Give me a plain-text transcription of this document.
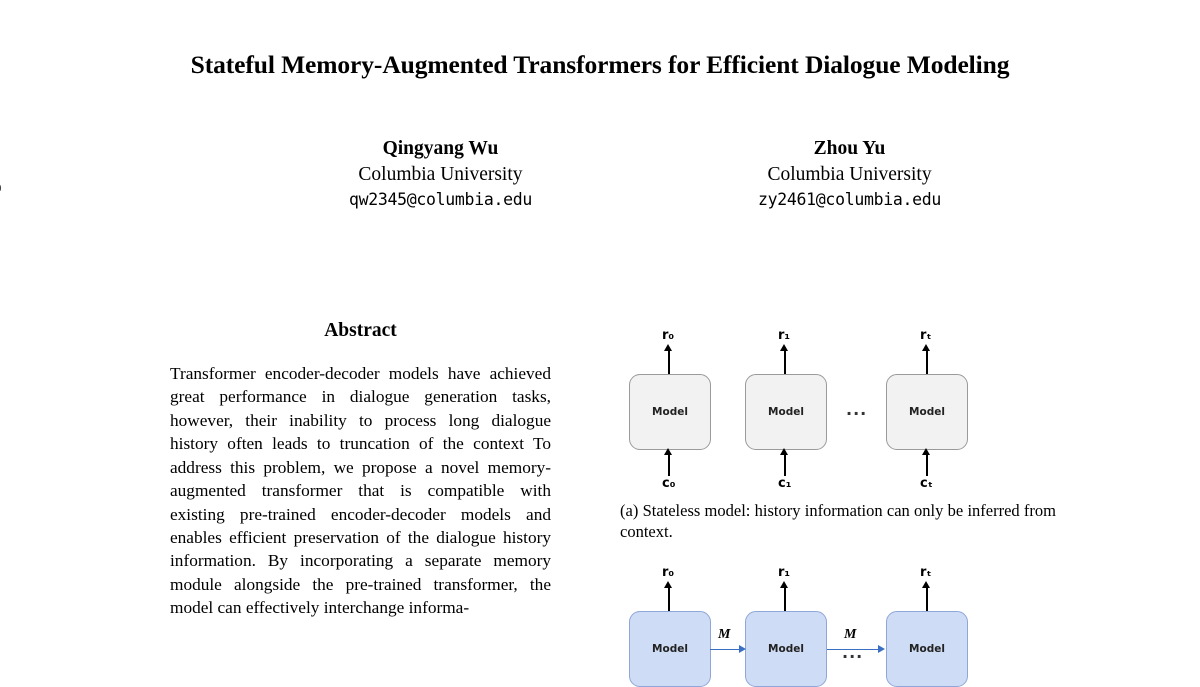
Stateful Memory-Augmented Transformers for Efficient Dialogue Modeling
Qingyang Wu
Columbia University
qw2345@columbia.edu
Zhou Yu
Columbia University
zy2461@columbia.edu
Abstract
Transformer encoder-decoder models have achieved great performance in dialogue generation tasks, however, their inability to process long dialogue history often leads to truncation of the context To address this problem, we propose a novel memory-augmented transformer that is compatible with existing pre-trained encoder-decoder models and enables efficient preservation of the dialogue history information. By incorporating a separate memory module alongside the pre-trained transformer, the model can effectively interchange informa-
r₀	r₁	rₜ
Model	Model	Model
...
c₀	c₁	cₜ
(a) Stateless model: history information can only be inferred from context.
r₀	r₁	rₜ
Model	Model	Model
M	M
...
